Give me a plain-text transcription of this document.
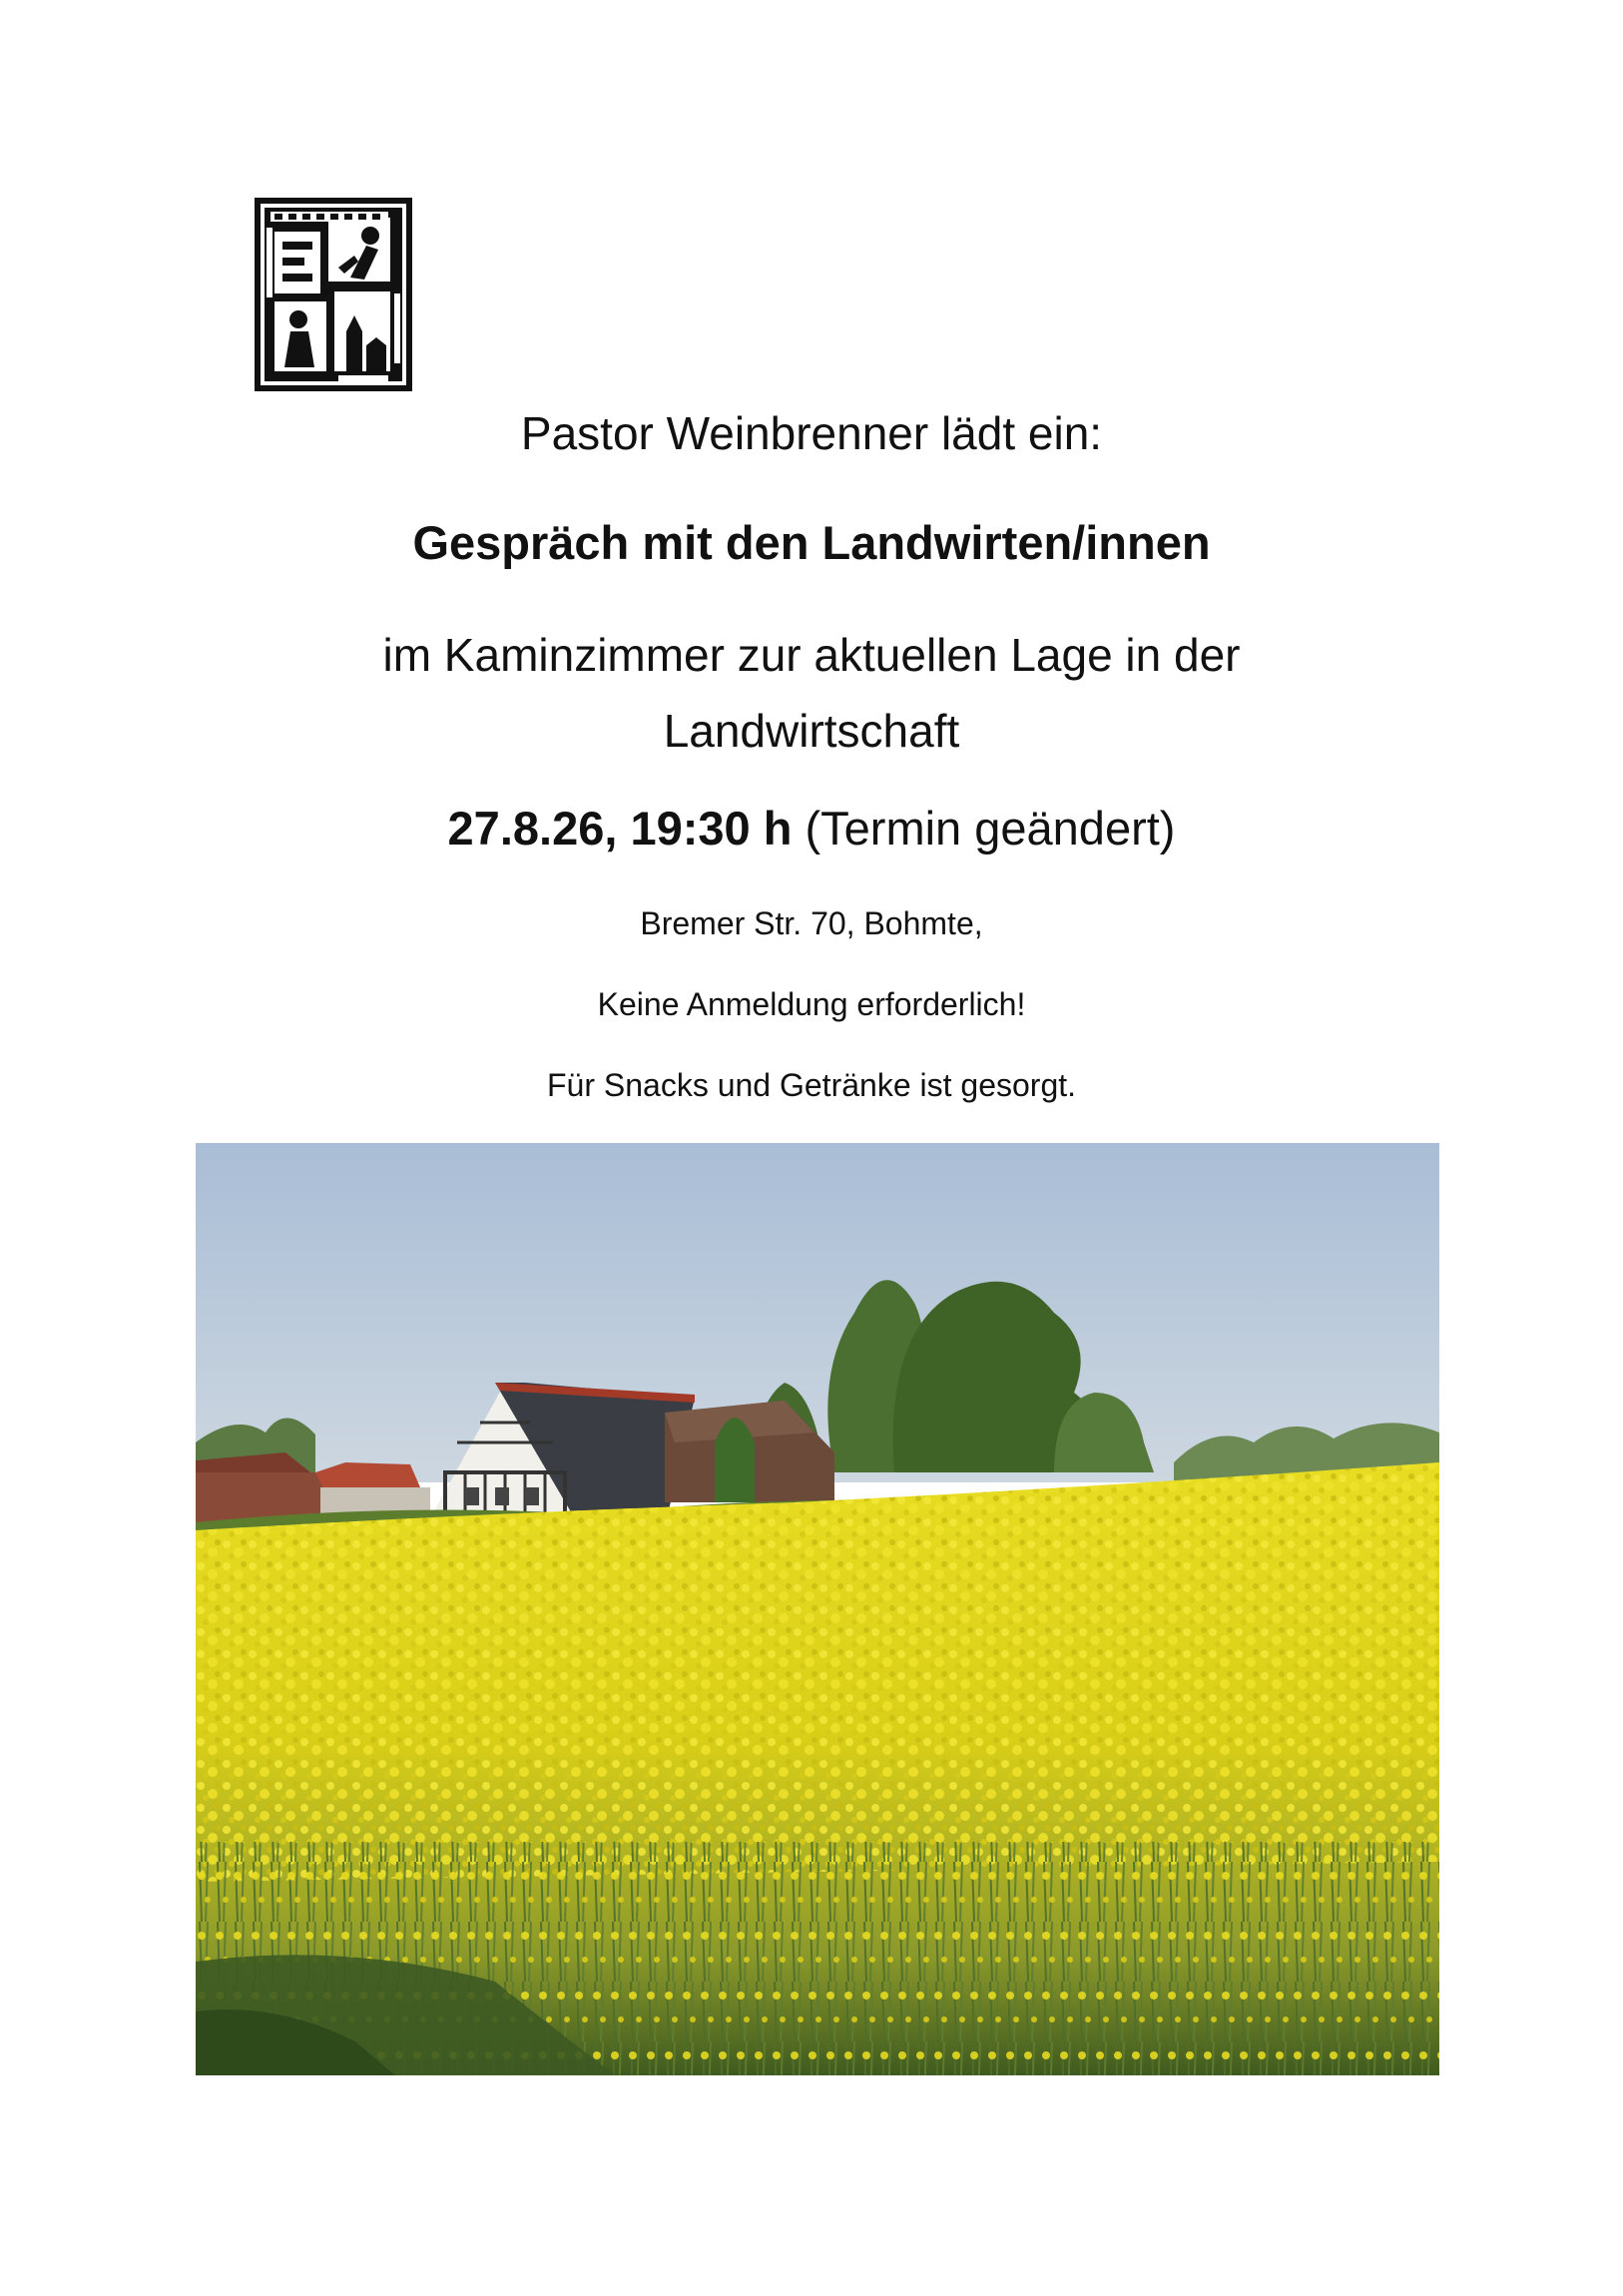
Pastor Weinbrenner lädt ein:
Gespräch mit den Landwirten/innen
im Kaminzimmer zur aktuellen Lage in der Landwirtschaft
27.8.26, 19:30 h (Termin geändert)
Bremer Str. 70, Bohmte,
Keine Anmeldung erforderlich!
Für Snacks und Getränke ist gesorgt.
